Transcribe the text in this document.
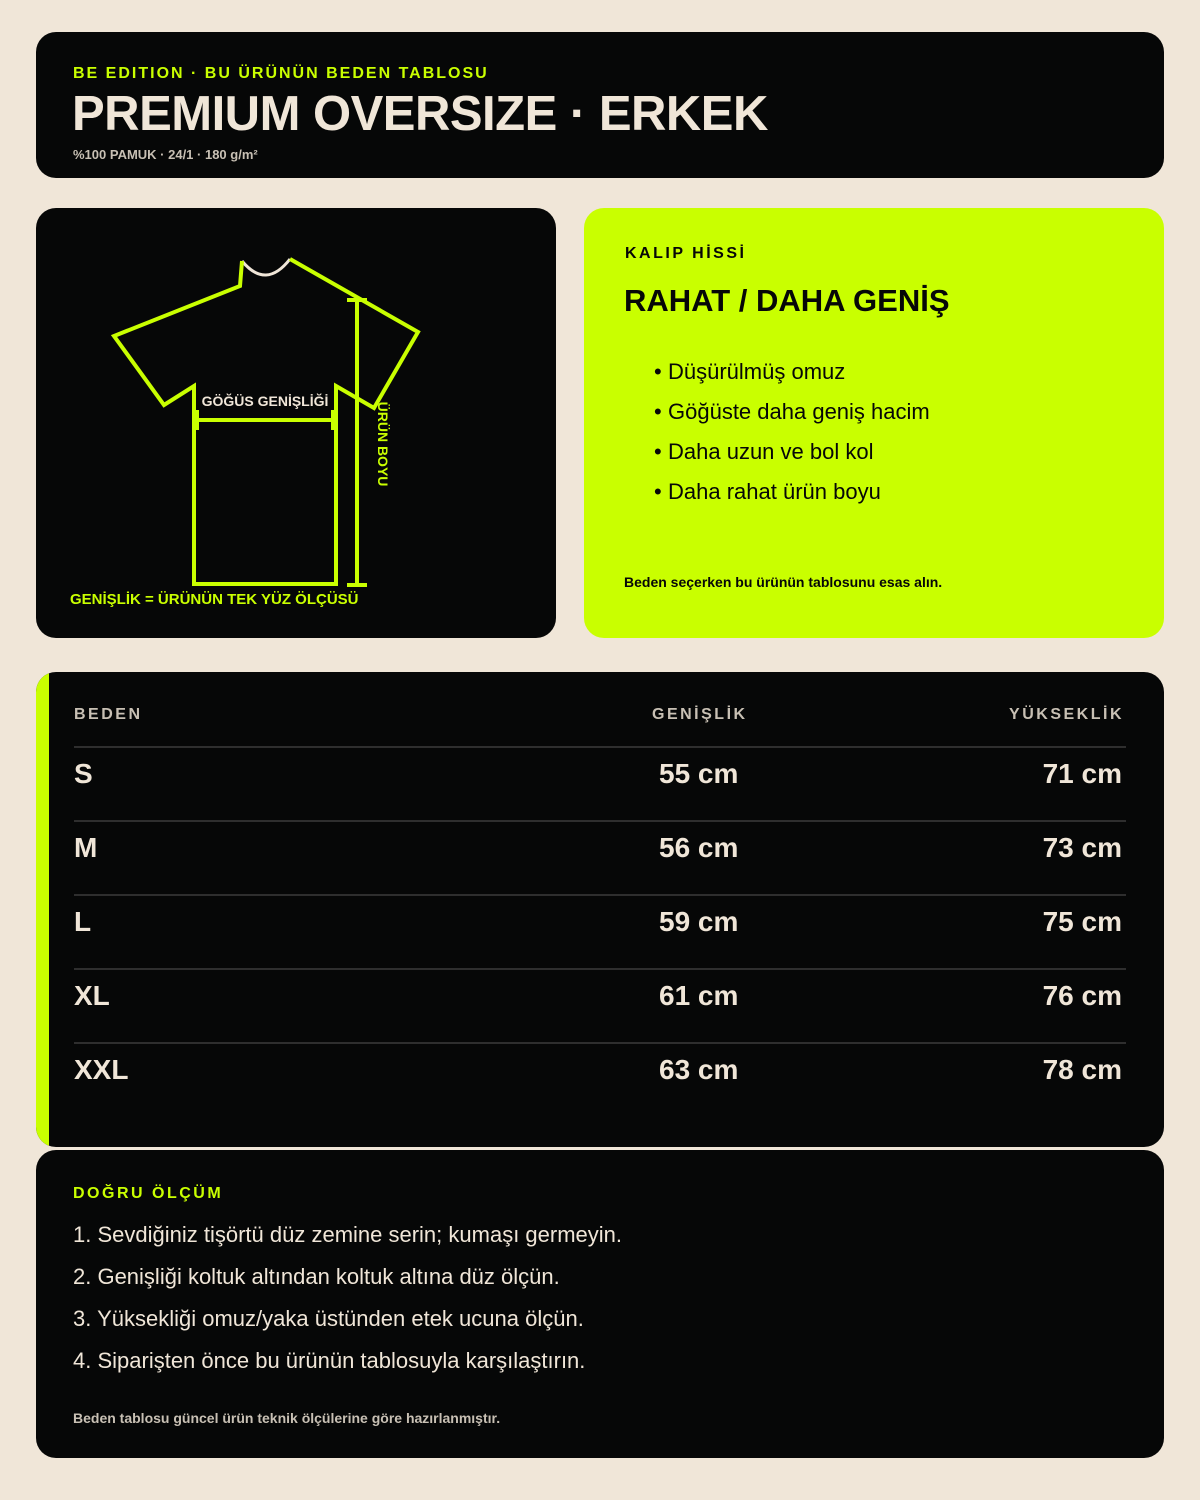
BE EDITION · BU ÜRÜNÜN BEDEN TABLOSU
PREMIUM OVERSIZE · ERKEK
%100 PAMUK · 24/1 · 180 g/m²
GÖĞÜS GENİŞLİĞİ
ÜRÜN BOYU
GENİŞLİK = ÜRÜNÜN TEK YÜZ ÖLÇÜSÜ
KALIP HİSSİ
RAHAT / DAHA GENİŞ
• Düşürülmüş omuz
• Göğüste daha geniş hacim
• Daha uzun ve bol kol
• Daha rahat ürün boyu
Beden seçerken bu ürünün tablosunu esas alın.
BEDEN	GENİŞLİK	YÜKSEKLİK
S	55 cm	71 cm
M	56 cm	73 cm
L	59 cm	75 cm
XL	61 cm	76 cm
XXL	63 cm	78 cm
DOĞRU ÖLÇÜM
1. Sevdiğiniz tişörtü düz zemine serin; kumaşı germeyin.
2. Genişliği koltuk altından koltuk altına düz ölçün.
3. Yüksekliği omuz/yaka üstünden etek ucuna ölçün.
4. Siparişten önce bu ürünün tablosuyla karşılaştırın.
Beden tablosu güncel ürün teknik ölçülerine göre hazırlanmıştır.
